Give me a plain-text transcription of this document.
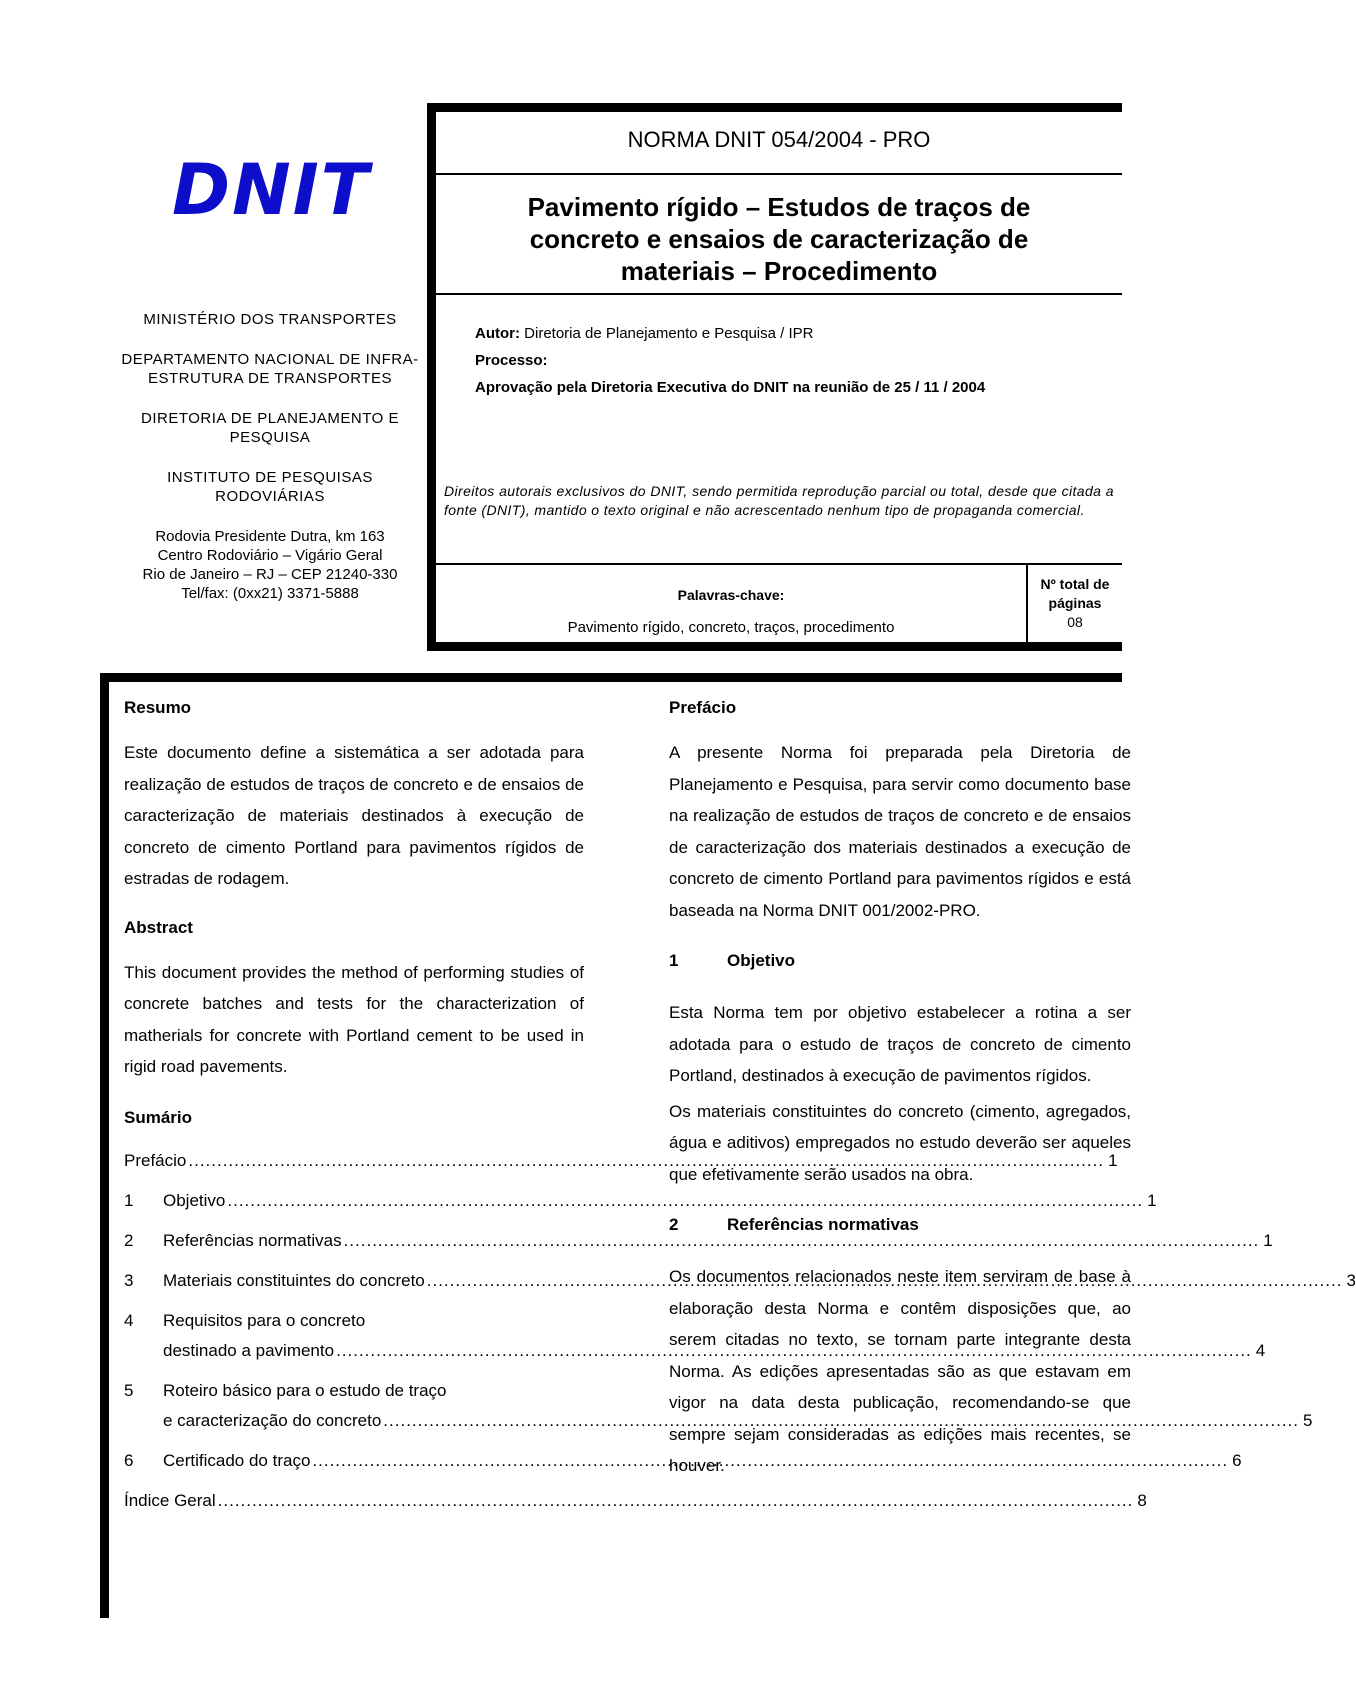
DNIT
MINISTÉRIO DOS TRANSPORTES
DEPARTAMENTO NACIONAL DE INFRA-
ESTRUTURA DE TRANSPORTES
DIRETORIA DE PLANEJAMENTO E
PESQUISA
INSTITUTO DE PESQUISAS
RODOVIÁRIAS
Rodovia Presidente Dutra, km 163
Centro Rodoviário – Vigário Geral
Rio de Janeiro – RJ – CEP 21240-330
Tel/fax: (0xx21) 3371-5888
NORMA DNIT 054/2004 - PRO
Pavimento rígido – Estudos de traços de
concreto e ensaios de caracterização de
materiais – Procedimento
Autor: Diretoria de Planejamento e Pesquisa / IPR
Processo:
Aprovação pela Diretoria Executiva do DNIT na reunião de 25 / 11 / 2004
Direitos autorais exclusivos do DNIT, sendo permitida reprodução parcial ou total, desde que citada a fonte (DNIT), mantido o texto original e não acrescentado nenhum tipo de propaganda comercial.
Palavras-chave:
Pavimento rígido, concreto, traços, procedimento
Nº total de
páginas
08
Resumo
Este documento define a sistemática a ser adotada para realização de estudos de traços de concreto e de ensaios de caracterização de materiais destinados à execução de concreto de cimento Portland para pavimentos rígidos de estradas de rodagem.
Abstract
This document provides the method of performing studies of concrete batches and tests for the characterization of matherials for concrete with Portland cement to be used in rigid road pavements.
Sumário
Prefácio .....	1
1	Objetivo .....	1
2	Referências normativas .....	1
3	Materiais constituintes do concreto .....	3
4	Requisitos para o concreto
destinado a pavimento .....	4
5	Roteiro básico para o estudo de traço
e caracterização do concreto .....	5
6	Certificado do traço .....	6
Índice Geral .....	8
Prefácio
A presente Norma foi preparada pela Diretoria de Planejamento e Pesquisa, para servir como documento base na realização de estudos de traços de concreto e de ensaios de caracterização dos materiais destinados a execução de concreto de cimento Portland para pavimentos rígidos e está baseada na Norma DNIT 001/2002-PRO.
1	Objetivo
Esta Norma tem por objetivo estabelecer a rotina a ser adotada para o estudo de traços de concreto de cimento Portland, destinados à execução de pavimentos rígidos.
Os materiais constituintes do concreto (cimento, agregados, água e aditivos) empregados no estudo deverão ser aqueles que efetivamente serão usados na obra.
2	Referências normativas
Os documentos relacionados neste item serviram de base à elaboração desta Norma e contêm disposições que, ao serem citadas no texto, se tornam parte integrante desta Norma. As edições apresentadas são as que estavam em vigor na data desta publicação, recomendando-se que sempre sejam consideradas as edições mais recentes, se houver.
